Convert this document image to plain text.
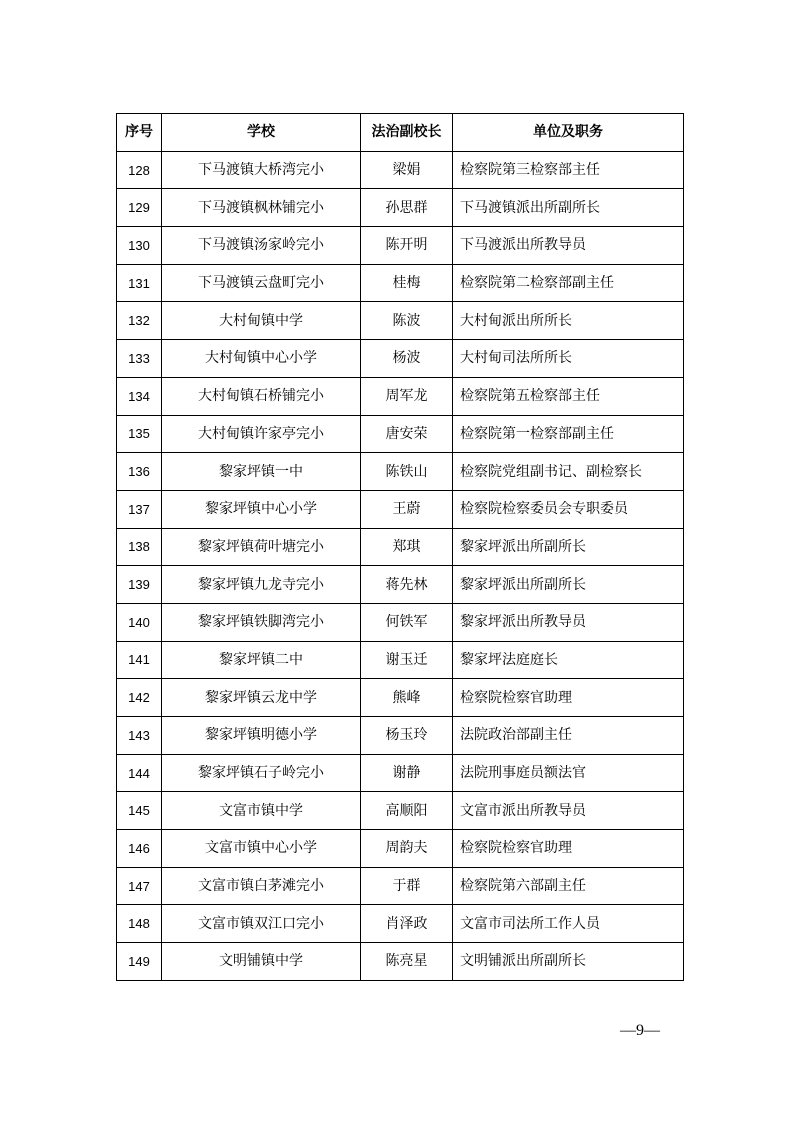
序号	学校	法治副校长	单位及职务
128	下马渡镇大桥湾完小	梁娟	检察院第三检察部主任
129	下马渡镇枫林铺完小	孙思群	下马渡镇派出所副所长
130	下马渡镇汤家岭完小	陈开明	下马渡派出所教导员
131	下马渡镇云盘町完小	桂梅	检察院第二检察部副主任
132	大村甸镇中学	陈波	大村甸派出所所长
133	大村甸镇中心小学	杨波	大村甸司法所所长
134	大村甸镇石桥铺完小	周军龙	检察院第五检察部主任
135	大村甸镇许家亭完小	唐安荣	检察院第一检察部副主任
136	黎家坪镇一中	陈铁山	检察院党组副书记、副检察长
137	黎家坪镇中心小学	王蔚	检察院检察委员会专职委员
138	黎家坪镇荷叶塘完小	郑琪	黎家坪派出所副所长
139	黎家坪镇九龙寺完小	蒋先林	黎家坪派出所副所长
140	黎家坪镇铁脚湾完小	何铁军	黎家坪派出所教导员
141	黎家坪镇二中	谢玉迁	黎家坪法庭庭长
142	黎家坪镇云龙中学	熊峰	检察院检察官助理
143	黎家坪镇明德小学	杨玉玲	法院政治部副主任
144	黎家坪镇石子岭完小	谢静	法院刑事庭员额法官
145	文富市镇中学	高顺阳	文富市派出所教导员
146	文富市镇中心小学	周韵夫	检察院检察官助理
147	文富市镇白茅滩完小	于群	检察院第六部副主任
148	文富市镇双江口完小	肖泽政	文富市司法所工作人员
149	文明铺镇中学	陈亮星	文明铺派出所副所长
—9—
